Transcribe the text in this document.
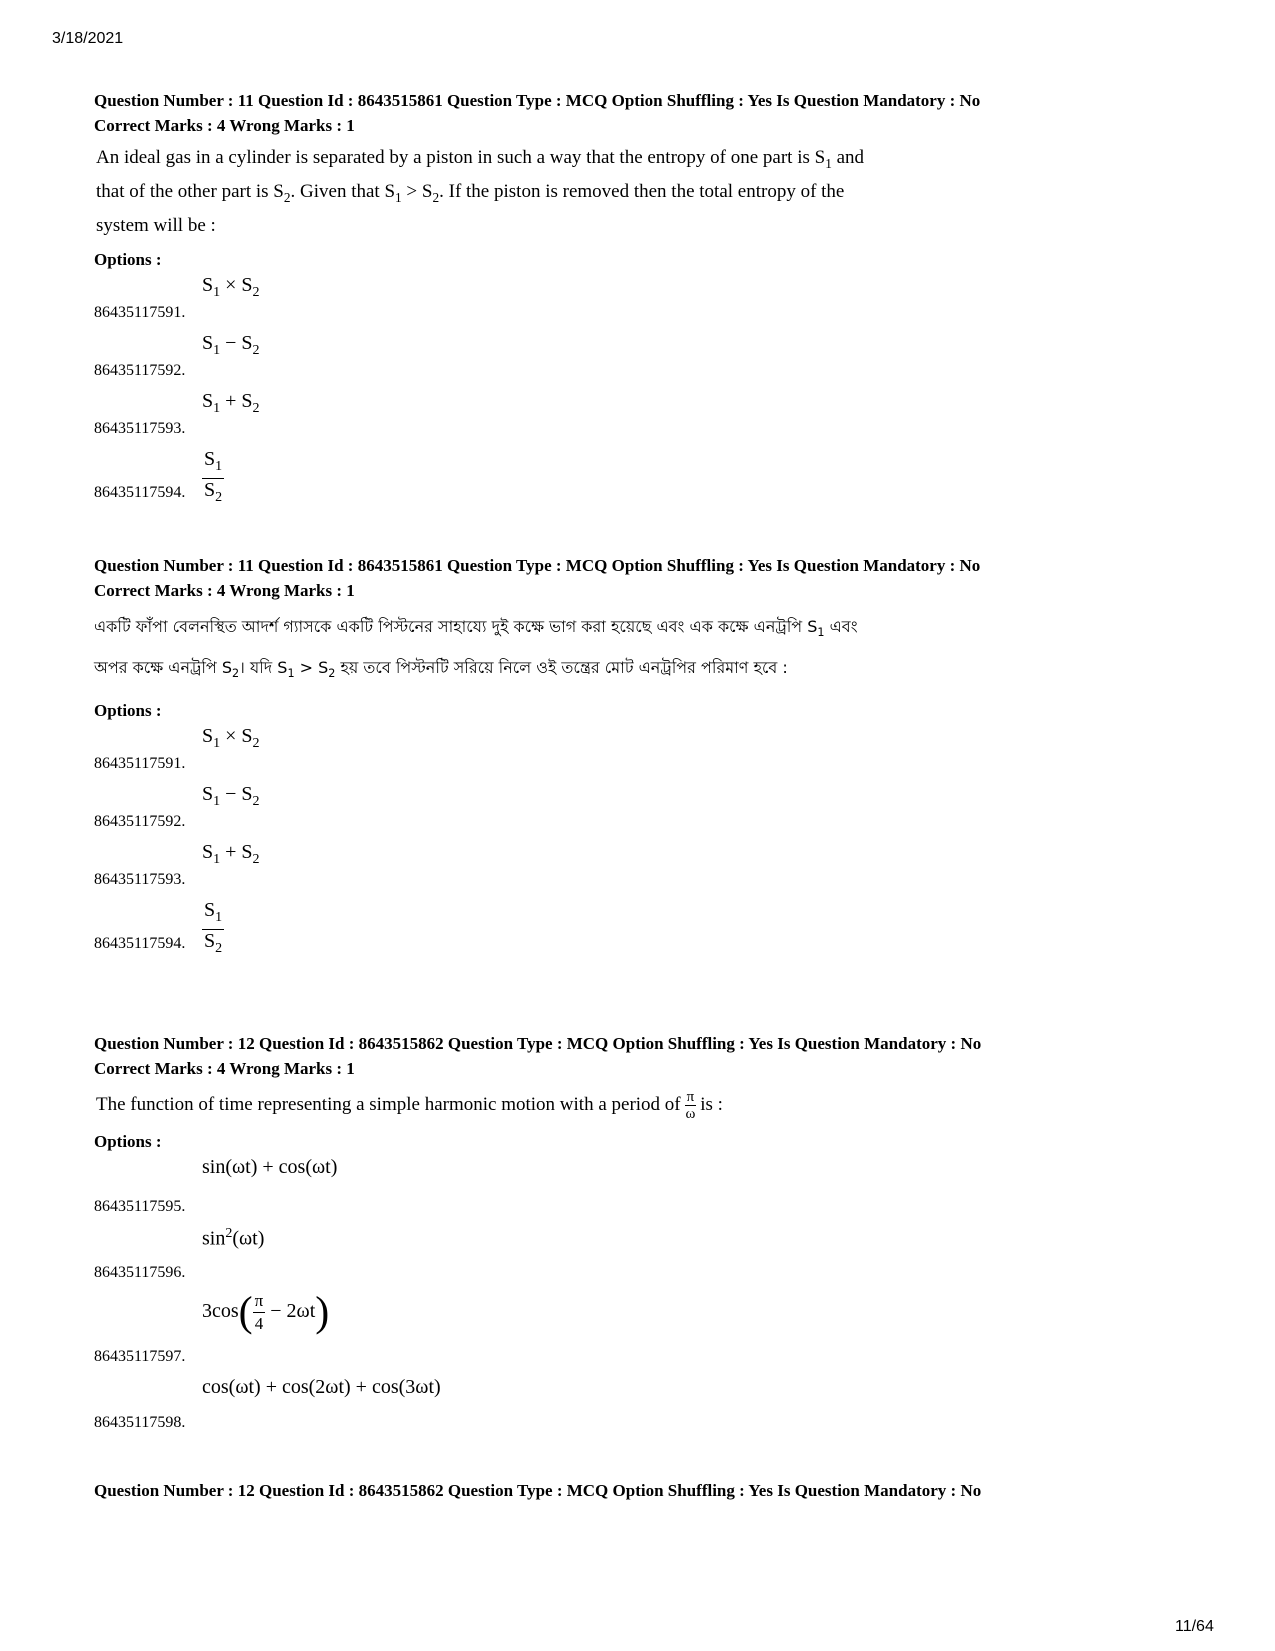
3/18/2021

Question Number : 11 Question Id : 8643515861 Question Type : MCQ Option Shuffling : Yes Is Question Mandatory : No

Correct Marks : 4 Wrong Marks : 1

An ideal gas in a cylinder is separated by a piston in such a way that the entropy of one part is $S_1$ and that of the other part is $S_2$. Given that $S_1 > S_2$. If the piston is removed then the total entropy of the system will be :
Options :
86435117591.
$S_1 \times S_2$
86435117592.
$S_1 - S_2$
86435117593.
$S_1 + S_2$
86435117594. $\frac{S_1}{S_2}$

Question Number : 11 Question Id : 8643515861 Question Type : MCQ Option Shuffling : Yes Is Question Mandatory : No

Correct Marks : 4 Wrong Marks : 1

একটি ফাঁপা বেলনস্থিত আদর্শ গ্যাসকে একটি পিস্টনের সাহায্যে দুই কক্ষে ভাগ করা হয়েছে এবং এক কক্ষে এনট্রপি $S_1$ এবং অপর কক্ষে এনট্রপি $S_2।$ যদি $S_1 > S_2$ হয় তবে পিস্টনটি সরিয়ে নিলে ওই তন্ত্রের মোট এনট্রপির পরিমাণ হবে :
Options :
86435117591.
$S_1 \times S_2$
86435117592.
$S_1 - S_2$
86435117593.
$S_1 + S_2$
86435117594. $\frac{S_1}{S_2}$

Question Number : 12 Question Id : 8643515862 Question Type : MCQ Option Shuffling : Yes Is Question Mandatory : No

Correct Marks : 4 Wrong Marks : 1

The function of time representing a simple harmonic motion with a period of $\frac{\pi}{\omega}$ is :
Options :
86435117595.
sin(ωt) + cos(ωt)
86435117596.
$\sin^2(\omega t)$
86435117597.
$3\cos( \frac{\pi}{4} - 2\omega t)$
86435117598.
cos(ωt) + cos(2ωt) + cos(3ωt)

Question Number : 12 Question Id : 8643515862 Question Type : MCQ Option Shuffling : Yes Is Question Mandatory : No

11/64
